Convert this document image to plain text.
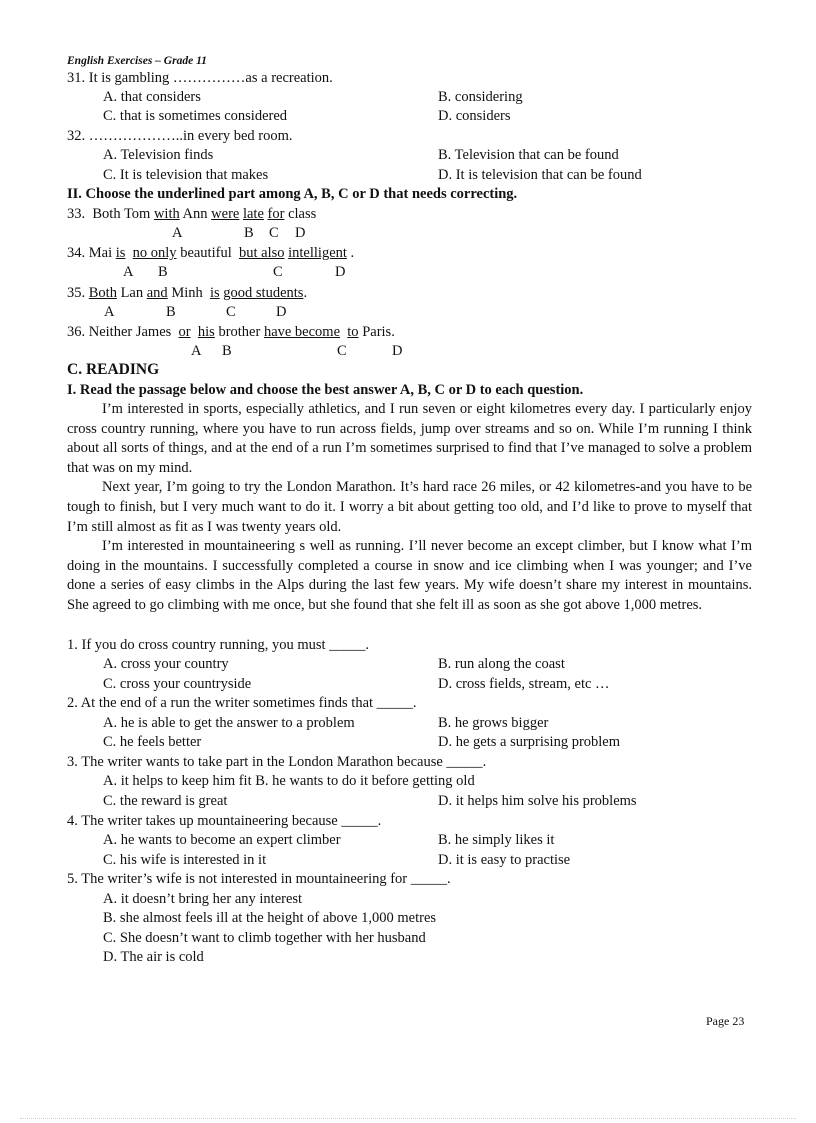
English Exercises – Grade 11
31. It is gambling ……………as a recreation.
A. that considers	B. considering
C. that is sometimes considered	D. considers
32. ………………..in every bed room.
A. Television finds	B. Television that can be found
C. It is television that makes	D. It is television that can be found
II. Choose the underlined part among A, B, C or D that needs correcting.
33. Both Tom with Ann were late for class
A	B C D
34. Mai is no only beautiful but also intelligent .
A B	C	D
35. Both Lan and Minh is good students.
A	B	C	D
36. Neither James or his brother have become to Paris.
A B	C	D
C. READING
I. Read the passage below and choose the best answer A, B, C or D to each question.

I’m interested in sports, especially athletics, and I run seven or eight kilometres every day. I particularly enjoy cross country running, where you have to run across fields, jump over streams and so on. While I’m running I think about all sorts of things, and at the end of a run I’m sometimes surprised to find that I’ve managed to solve a problem that was on my mind.

Next year, I’m going to try the London Marathon. It’s hard race 26 miles, or 42 kilometres-and you have to be tough to finish, but I very much want to do it. I worry a bit about getting too old, and I’d like to prove to myself that I’m still almost as fit as I was twenty years old.

I’m interested in mountaineering s well as running. I’ll never become an except climber, but I know what I’m doing in the mountains. I successfully completed a course in snow and ice climbing when I was younger; and I’ve done a series of easy climbs in the Alps during the last few years. My wife doesn’t share my interest in mountains. She agreed to go climbing with me once, but she found that she felt ill as soon as she got above 1,000 metres.

1. If you do cross country running, you must _____.
A. cross your country	B. run along the coast
C. cross your countryside	D. cross fields, stream, etc …
2. At the end of a run the writer sometimes finds that _____.
A. he is able to get the answer to a problem	B. he grows bigger
C. he feels better	D. he gets a surprising problem
3. The writer wants to take part in the London Marathon because _____.
A. it helps to keep him fit B. he wants to do it before getting old
C. the reward is great	D. it helps him solve his problems
4. The writer takes up mountaineering because _____.
A. he wants to become an expert climber	B. he simply likes it
C. his wife is interested in it	D. it is easy to practise
5. The writer’s wife is not interested in mountaineering for _____.
A. it doesn’t bring her any interest
B. she almost feels ill at the height of above 1,000 metres
C. She doesn’t want to climb together with her husband
D. The air is cold
Page 23
